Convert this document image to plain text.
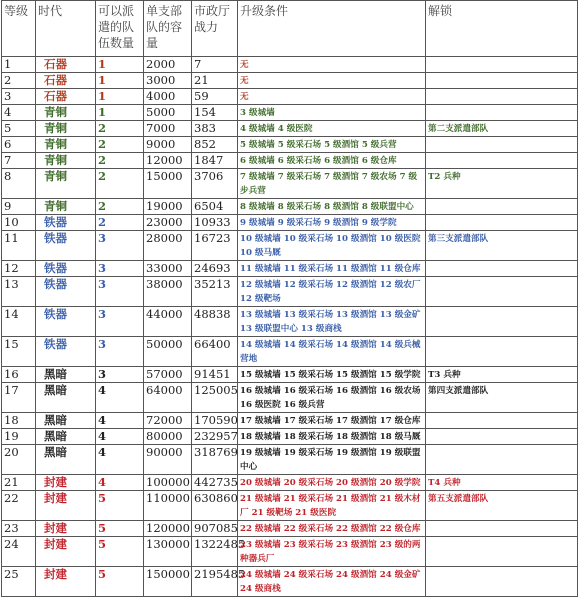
等级	时代	可以派遣的队伍数量	单支部队的容量	市政厅战力	升级条件	解锁
1	石器	1	2000	7	无	
2	石器	1	3000	21	无	
3	石器	1	4000	59	无	
4	青铜	1	5000	154	3 级城墙	
5	青铜	2	7000	383	4 级城墙 4 级医院	第二支派遣部队
6	青铜	2	9000	852	5 级城墙 5 级采石场 5 级酒馆 5 级兵营	
7	青铜	2	12000	1847	6 级城墙 6 级采石场 6 级酒馆 6 级仓库	
8	青铜	2	15000	3706	7 级城墙 7 级采石场 7 级酒馆 7 级农场 7 级步兵营	T2 兵种
9	青铜	2	19000	6504	8 级城墙 8 级采石场 8 级酒馆 8 级联盟中心	
10	铁器	2	23000	10933	9 级城墙 9 级采石场 9 级酒馆 9 级学院	
11	铁器	3	28000	16723	10 级城墙 10 级采石场 10 级酒馆 10 级医院 10 级马厩	第三支派遣部队
12	铁器	3	33000	24693	11 级城墙 11 级采石场 11 级酒馆 11 级仓库	
13	铁器	3	38000	35213	12 级城墙 12 级采石场 12 级酒馆 12 级农厂 12 级靶场	
14	铁器	3	44000	48838	13 级城墙 13 级采石场 13 级酒馆 13 级金矿 13 级联盟中心 13 级商栈	
15	铁器	3	50000	66400	14 级城墙 14 级采石场 14 级酒馆 14 级兵械营地	
16	黑暗	3	57000	91451	15 级城墙 15 级采石场 15 级酒馆 15 级学院	T3 兵种
17	黑暗	4	64000	125005	16 级城墙 16 级采石场 16 级酒馆 16 级农场 16 级医院 16 级兵营	第四支派遣部队
18	黑暗	4	72000	170590	17 级城墙 17 级采石场 17 级酒馆 17 级仓库	
19	黑暗	4	80000	232957	18 级城墙 18 级采石场 18 级酒馆 18 级马厩	
20	黑暗	4	90000	318769	19 级城墙 19 级采石场 19 级酒馆 19 级联盟中心	
21	封建	4	100000	442735	20 级城墙 20 级采石场 20 级酒馆 20 级学院	T4 兵种
22	封建	5	110000	630860	21 级城墙 21 级采石场 21 级酒馆 21 级木材厂 21 级靶场 21 级医院	第五支派遣部队
23	封建	5	120000	907085	22 级城墙 22 级采石场 22 级酒馆 22 级仓库	
24	封建	5	130000	1322485	23 级城墙 23 级采石场 23 级酒馆 23 级的两种器兵厂	
25	封建	5	150000	2195485	24 级城墙 24 级采石场 24 级酒馆 24 级金矿 24 级商栈	
